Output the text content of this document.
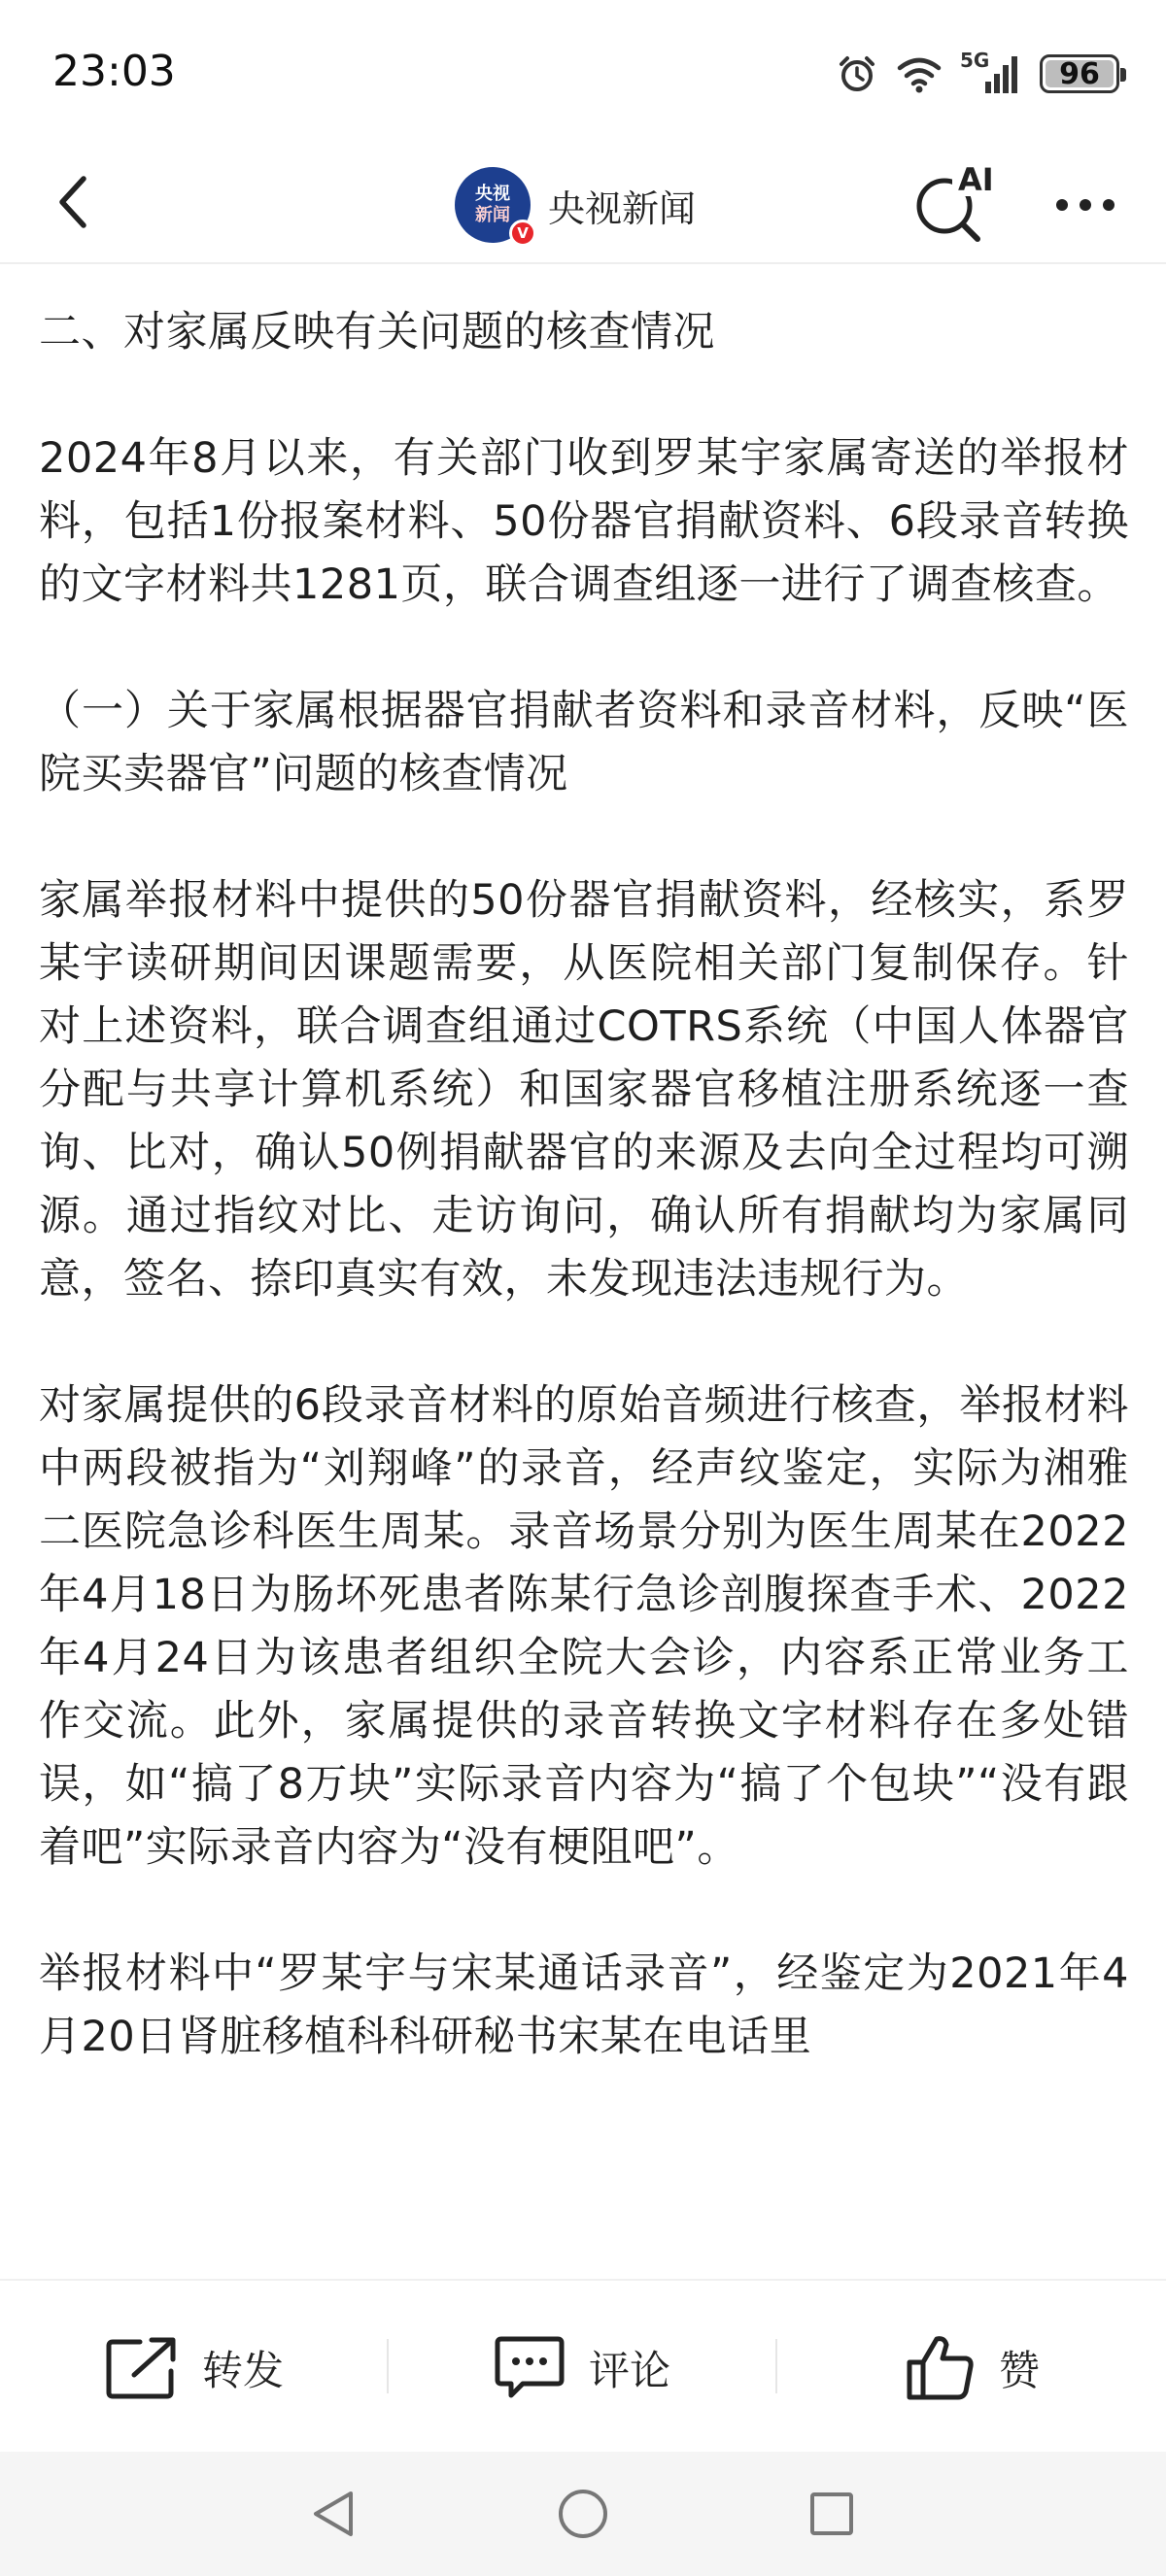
23:03	5G 96
央视
新闻
V
央视新闻
AI

二、对家属反映有关问题的核查情况

2024年8月以来，有关部门收到罗某宇家属寄送的举报材料，包括1份报案材料、50份器官捐献资料、6段录音转换的文字材料共1281页，联合调查组逐一进行了调查核查。

（一）关于家属根据器官捐献者资料和录音材料，反映“医院买卖器官”问题的核查情况

家属举报材料中提供的50份器官捐献资料，经核实，系罗某宇读研期间因课题需要，从医院相关部门复制保存。针对上述资料，联合调查组通过COTRS系统（中国人体器官分配与共享计算机系统）和国家器官移植注册系统逐一查询、比对，确认50例捐献器官的来源及去向全过程均可溯源。通过指纹对比、走访询问，确认所有捐献均为家属同意，签名、捺印真实有效，未发现违法违规行为。

对家属提供的6段录音材料的原始音频进行核查，举报材料中两段被指为“刘翔峰”的录音，经声纹鉴定，实际为湘雅二医院急诊科医生周某。录音场景分别为医生周某在2022年4月18日为肠坏死患者陈某行急诊剖腹探查手术、2022年4月24日为该患者组织全院大会诊，内容系正常业务工作交流。此外，家属提供的录音转换文字材料存在多处错误，如“搞了8万块”实际录音内容为“搞了个包块”“没有跟着吧”实际录音内容为“没有梗阻吧”。

举报材料中“罗某宇与宋某通话录音”，经鉴定为2021年4月20日肾脏移植科科研秘书宋某在电话里

转发	评论	赞
